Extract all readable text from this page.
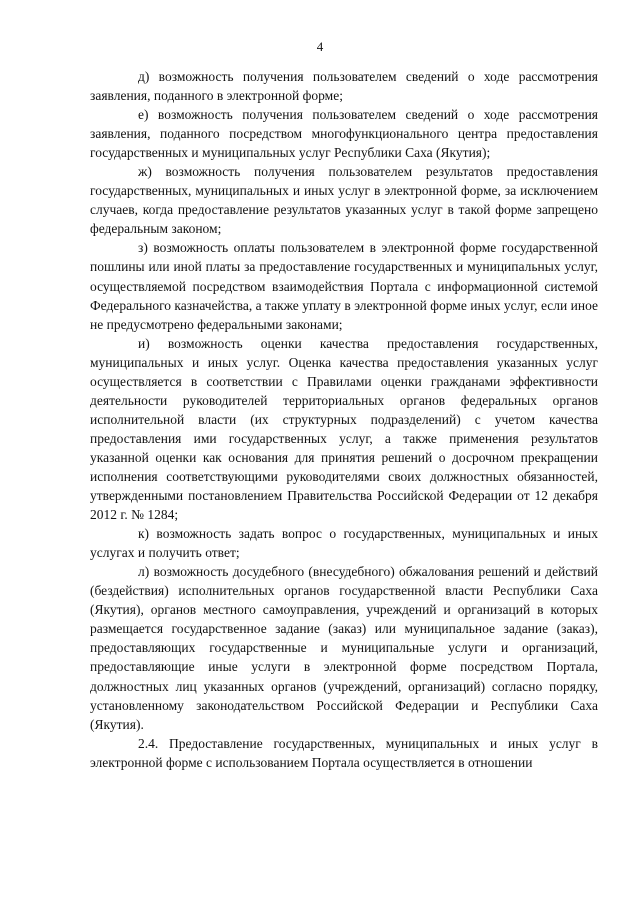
4

д) возможность получения пользователем сведений о ходе рассмотрения заявления, поданного в электронной форме;

е) возможность получения пользователем сведений о ходе рассмотрения заявления, поданного посредством многофункционального центра предоставления государственных и муниципальных услуг Республики Саха (Якутия);

ж) возможность получения пользователем результатов предоставления государственных, муниципальных и иных услуг в электронной форме, за исключением случаев, когда предоставление результатов указанных услуг в такой форме запрещено федеральным законом;

з) возможность оплаты пользователем в электронной форме государственной пошлины или иной платы за предоставление государственных и муниципальных услуг, осуществляемой посредством взаимодействия Портала с информационной системой Федерального казначейства, а также уплату в электронной форме иных услуг, если иное не предусмотрено федеральными законами;

и) возможность оценки качества предоставления государственных, муниципальных и иных услуг. Оценка качества предоставления указанных услуг осуществляется в соответствии с Правилами оценки гражданами эффективности деятельности руководителей территориальных органов федеральных органов исполнительной власти (их структурных подразделений) с учетом качества предоставления ими государственных услуг, а также применения результатов указанной оценки как основания для принятия решений о досрочном прекращении исполнения соответствующими руководителями своих должностных обязанностей, утвержденными постановлением Правительства Российской Федерации от 12 декабря 2012 г. № 1284;

к) возможность задать вопрос о государственных, муниципальных и иных услугах и получить ответ;

л) возможность досудебного (внесудебного) обжалования решений и действий (бездействия) исполнительных органов государственной власти Республики Саха (Якутия), органов местного самоуправления, учреждений и организаций в которых размещается государственное задание (заказ) или муниципальное задание (заказ), предоставляющих государственные и муниципальные услуги и организаций, предоставляющие иные услуги в электронной форме посредством Портала, должностных лиц указанных органов (учреждений, организаций) согласно порядку, установленному законодательством Российской Федерации и Республики Саха (Якутия).

2.4. Предоставление государственных, муниципальных и иных услуг в электронной форме с использованием Портала осуществляется в отношении
